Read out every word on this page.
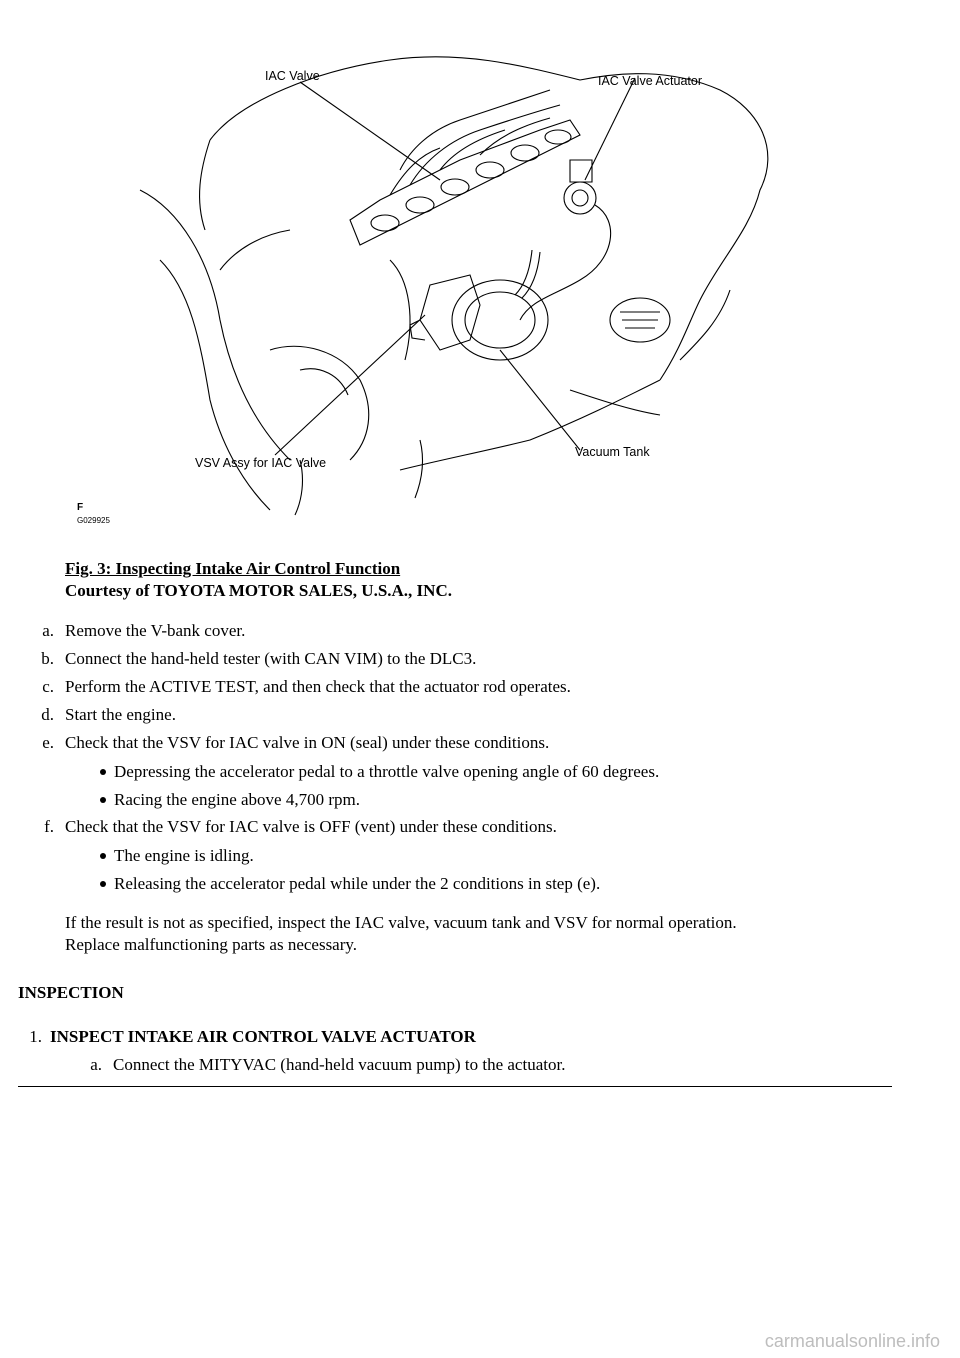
IAC Valve	IAC Valve Actuator
VSV Assy for IAC Valve
Vacuum Tank
F
G029925
Fig. 3: Inspecting Intake Air Control Function
Courtesy of TOYOTA MOTOR SALES, U.S.A., INC.
a. Remove the V-bank cover.
b. Connect the hand-held tester (with CAN VIM) to the DLC3.
c. Perform the ACTIVE TEST, and then check that the actuator rod operates.
d. Start the engine.
e. Check that the VSV for IAC valve in ON (seal) under these conditions.
Depressing the accelerator pedal to a throttle valve opening angle of 60 degrees.
Racing the engine above 4,700 rpm.
f. Check that the VSV for IAC valve is OFF (vent) under these conditions.
The engine is idling.
Releasing the accelerator pedal while under the 2 conditions in step (e).
If the result is not as specified, inspect the IAC valve, vacuum tank and VSV for normal operation.
Replace malfunctioning parts as necessary.
INSPECTION
1. INSPECT INTAKE AIR CONTROL VALVE ACTUATOR
a. Connect the MITYVAC (hand-held vacuum pump) to the actuator.
carmanualsonline.info
